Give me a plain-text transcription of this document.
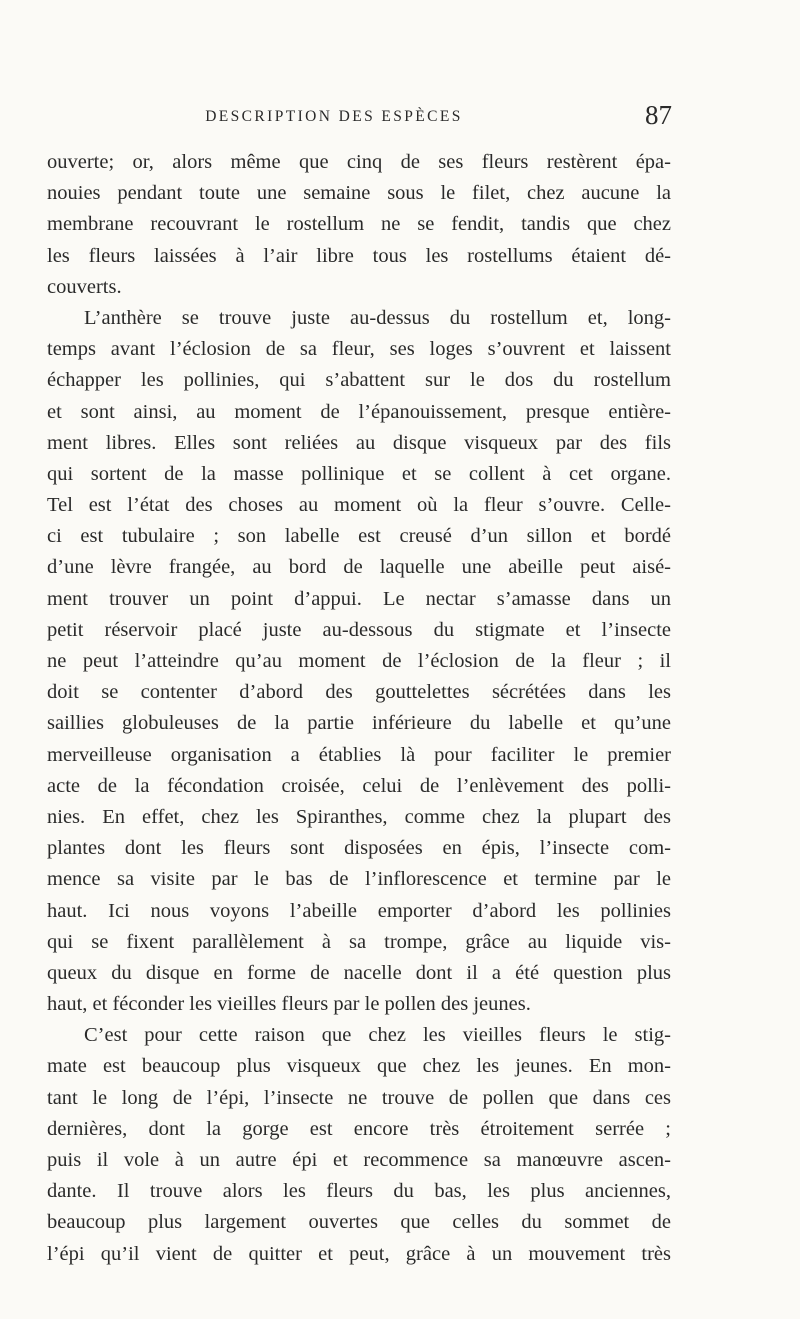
DESCRIPTION DES ESPÈCES	87
ouverte; or, alors même que cinq de ses fleurs restèrent épa-
nouies pendant toute une semaine sous le filet, chez aucune la
membrane recouvrant le rostellum ne se fendit, tandis que chez
les fleurs laissées à l’air libre tous les rostellums étaient dé-
couverts.
L’anthère se trouve juste au-dessus du rostellum et, long-
temps avant l’éclosion de sa fleur, ses loges s’ouvrent et laissent
échapper les pollinies, qui s’abattent sur le dos du rostellum
et sont ainsi, au moment de l’épanouissement, presque entière-
ment libres. Elles sont reliées au disque visqueux par des fils
qui sortent de la masse pollinique et se collent à cet organe.
Tel est l’état des choses au moment où la fleur s’ouvre. Celle-
ci est tubulaire ; son labelle est creusé d’un sillon et bordé
d’une lèvre frangée, au bord de laquelle une abeille peut aisé-
ment trouver un point d’appui. Le nectar s’amasse dans un
petit réservoir placé juste au-dessous du stigmate et l’insecte
ne peut l’atteindre qu’au moment de l’éclosion de la fleur ; il
doit se contenter d’abord des gouttelettes sécrétées dans les
saillies globuleuses de la partie inférieure du labelle et qu’une
merveilleuse organisation a établies là pour faciliter le premier
acte de la fécondation croisée, celui de l’enlèvement des polli-
nies. En effet, chez les Spiranthes, comme chez la plupart des
plantes dont les fleurs sont disposées en épis, l’insecte com-
mence sa visite par le bas de l’inflorescence et termine par le
haut. Ici nous voyons l’abeille emporter d’abord les pollinies
qui se fixent parallèlement à sa trompe, grâce au liquide vis-
queux du disque en forme de nacelle dont il a été question plus
haut, et féconder les vieilles fleurs par le pollen des jeunes.
C’est pour cette raison que chez les vieilles fleurs le stig-
mate est beaucoup plus visqueux que chez les jeunes. En mon-
tant le long de l’épi, l’insecte ne trouve de pollen que dans ces
dernières, dont la gorge est encore très étroitement serrée ;
puis il vole à un autre épi et recommence sa manœuvre ascen-
dante. Il trouve alors les fleurs du bas, les plus anciennes,
beaucoup plus largement ouvertes que celles du sommet de
l’épi qu’il vient de quitter et peut, grâce à un mouvement très
